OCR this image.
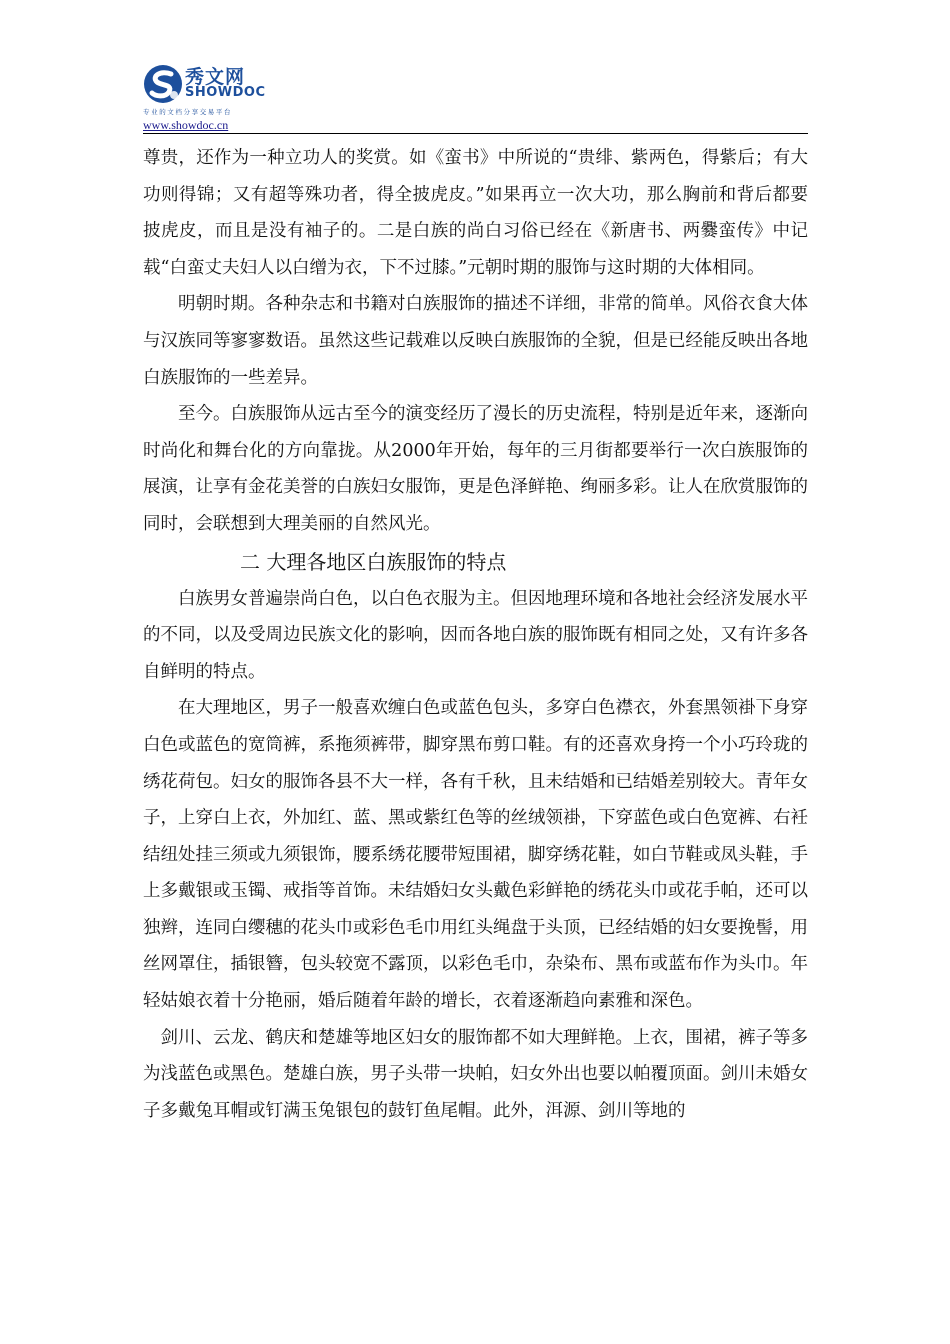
秀文网
SHOWDOC
专业的文档分享交易平台
www.showdoc.cn

尊贵，还作为一种立功人的奖赏。如《蛮书》中所说的“贵绯、紫两色，得紫后；有大功则得锦；又有超等殊功者，得全披虎皮。”如果再立一次大功，那么胸前和背后都要披虎皮，而且是没有袖子的。二是白族的尚白习俗已经在《新唐书、两爨蛮传》中记载“白蛮丈夫妇人以白缯为衣，下不过膝。”元朝时期的服饰与这时期的大体相同。

明朝时期。各种杂志和书籍对白族服饰的描述不详细，非常的简单。风俗衣食大体与汉族同等寥寥数语。虽然这些记载难以反映白族服饰的全貌，但是已经能反映出各地白族服饰的一些差异。

至今。白族服饰从远古至今的演变经历了漫长的历史流程，特别是近年来，逐渐向时尚化和舞台化的方向靠拢。从2000年开始，每年的三月街都要举行一次白族服饰的展演，让享有金花美誉的白族妇女服饰，更是色泽鲜艳、绚丽多彩。让人在欣赏服饰的同时，会联想到大理美丽的自然风光。

二 大理各地区白族服饰的特点

白族男女普遍崇尚白色，以白色衣服为主。但因地理环境和各地社会经济发展水平的不同，以及受周边民族文化的影响，因而各地白族的服饰既有相同之处，又有许多各自鲜明的特点。

在大理地区，男子一般喜欢缠白色或蓝色包头，多穿白色襟衣，外套黑领褂下身穿白色或蓝色的宽筒裤，系拖须裤带，脚穿黑布剪口鞋。有的还喜欢身挎一个小巧玲珑的绣花荷包。妇女的服饰各县不大一样，各有千秋，且未结婚和已结婚差别较大。青年女子，上穿白上衣，外加红、蓝、黑或紫红色等的丝绒领褂，下穿蓝色或白色宽裤、右衽结纽处挂三须或九须银饰，腰系绣花腰带短围裙，脚穿绣花鞋，如白节鞋或凤头鞋，手上多戴银或玉镯、戒指等首饰。未结婚妇女头戴色彩鲜艳的绣花头巾或花手帕，还可以独辫，连同白缨穗的花头巾或彩色毛巾用红头绳盘于头顶，已经结婚的妇女要挽髻，用丝网罩住，插银簪，包头较宽不露顶，以彩色毛巾，杂染布、黑布或蓝布作为头巾。年轻姑娘衣着十分艳丽，婚后随着年龄的增长，衣着逐渐趋向素雅和深色。

剑川、云龙、鹤庆和楚雄等地区妇女的服饰都不如大理鲜艳。上衣，围裙，裤子等多为浅蓝色或黑色。楚雄白族，男子头带一块帕，妇女外出也要以帕覆顶面。剑川未婚女子多戴兔耳帽或钉满玉兔银包的鼓钉鱼尾帽。此外，洱源、剑川等地的
